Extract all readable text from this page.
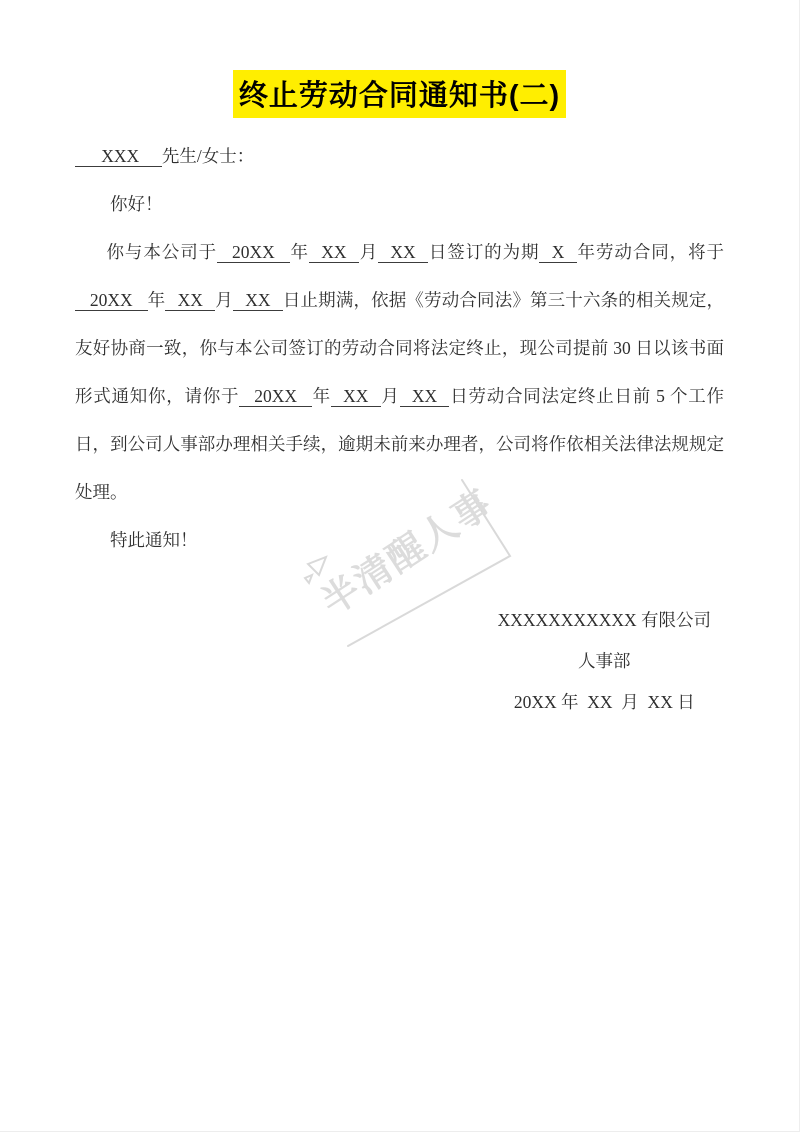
终止劳动合同通知书(二)

XXX 先生/女士：

你好！

你与本公司于 20XX 年 XX 月 XX 日签订的为期 X 年劳动合同，将于20XX 年 XX 月 XX 日止期满，依据《劳动合同法》第三十六条的相关规定，友好协商一致，你与本公司签订的劳动合同将法定终止，现公司提前 30 日以该书面形式通知你，请你于 20XX 年 XX 月 XX 日劳动合同法定终止日前 5 个工作日，到公司人事部办理相关手续，逾期未前来办理者，公司将作依相关法律法规规定处理。

特此通知！

XXXXXXXXXXX 有限公司
人事部
20XX 年  XX  月  XX 日
半清醒人事
